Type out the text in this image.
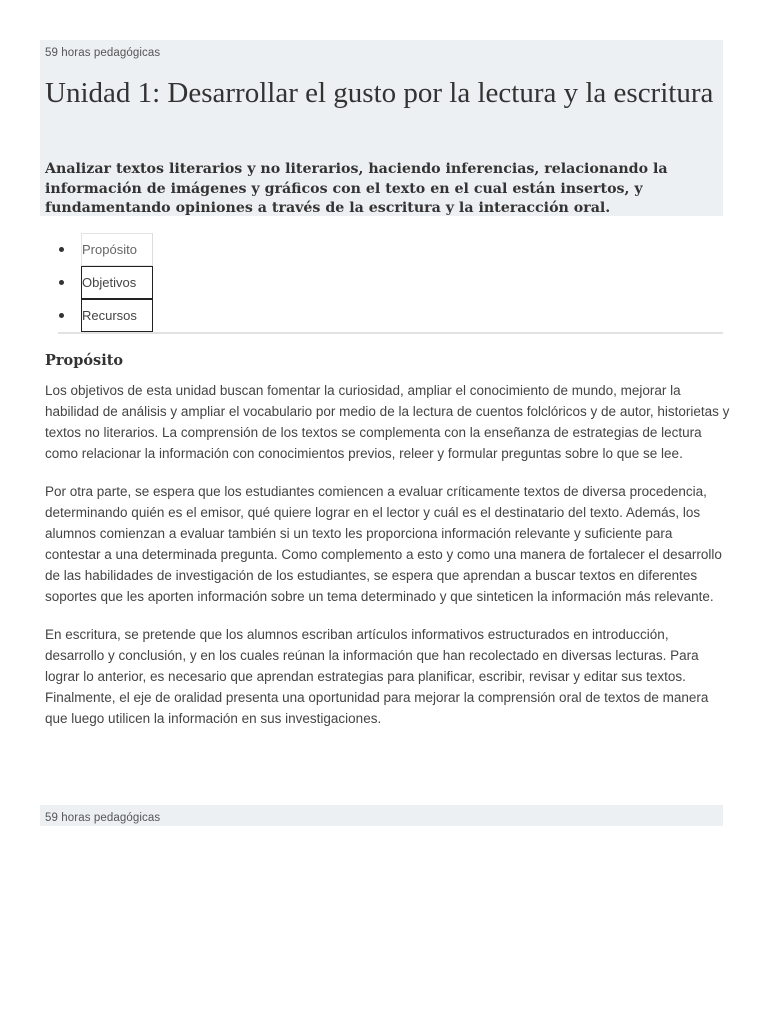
59 horas pedagógicas
Unidad 1: Desarrollar el gusto por la lectura y la escritura

Analizar textos literarios y no literarios, haciendo inferencias, relacionando la información de imágenes y gráficos con el texto en el cual están insertos, y fundamentando opiniones a través de la escritura y la interacción oral.

Propósito
Objetivos
Recursos
Propósito

Los objetivos de esta unidad buscan fomentar la curiosidad, ampliar el conocimiento de mundo, mejorar la habilidad de análisis y ampliar el vocabulario por medio de la lectura de cuentos folclóricos y de autor, historietas y textos no literarios. La comprensión de los textos se complementa con la enseñanza de estrategias de lectura como relacionar la información con conocimientos previos, releer y formular preguntas sobre lo que se lee.

Por otra parte, se espera que los estudiantes comiencen a evaluar críticamente textos de diversa procedencia, determinando quién es el emisor, qué quiere lograr en el lector y cuál es el destinatario del texto. Además, los alumnos comienzan a evaluar también si un texto les proporciona información relevante y suficiente para contestar a una determinada pregunta. Como complemento a esto y como una manera de fortalecer el desarrollo de las habilidades de investigación de los estudiantes, se espera que aprendan a buscar textos en diferentes soportes que les aporten información sobre un tema determinado y que sinteticen la información más relevante.

En escritura, se pretende que los alumnos escriban artículos informativos estructurados en introducción, desarrollo y conclusión, y en los cuales reúnan la información que han recolectado en diversas lecturas. Para lograr lo anterior, es necesario que aprendan estrategias para planificar, escribir, revisar y editar sus textos. Finalmente, el eje de oralidad presenta una oportunidad para mejorar la comprensión oral de textos de manera que luego utilicen la información en sus investigaciones.

59 horas pedagógicas
